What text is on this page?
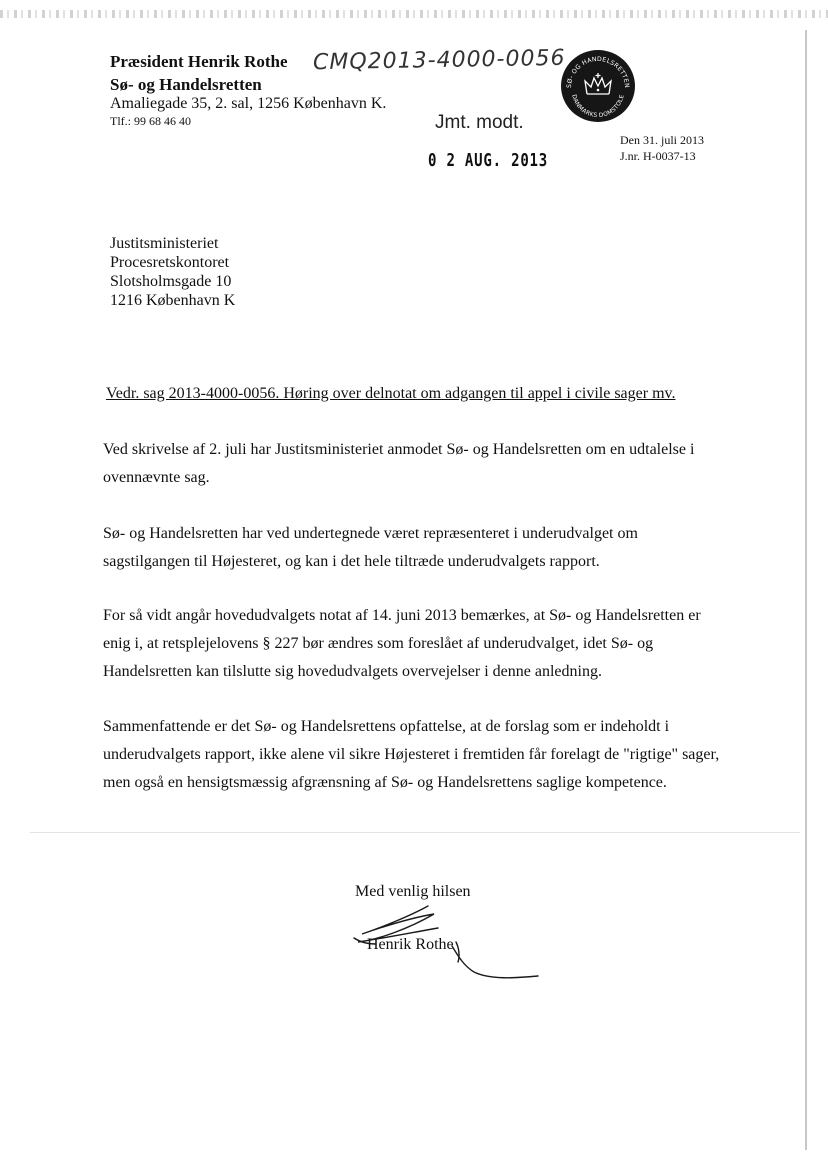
Præsident Henrik Rothe
Sø- og Handelsretten
Amaliegade 35, 2. sal, 1256 København K.
Tlf.: 99 68 46 40
CMQ2013-4000-0056
SØ- OG HANDELSRETTEN
DANMARKS DOMSTOLE
Jmt. modt.
0 2 AUG. 2013
Den 31. juli 2013
J.nr. H-0037-13
Justitsministeriet
Procesretskontoret
Slotsholmsgade 10
1216 København K
Vedr. sag 2013-4000-0056. Høring over delnotat om adgangen til appel i civile sager mv.
Ved skrivelse af 2. juli har Justitsministeriet anmodet Sø- og Handelsretten om en udtalelse i ovennævnte sag.
Sø- og Handelsretten har ved undertegnede været repræsenteret i underudvalget om sagstilgangen til Højesteret, og kan i det hele tiltræde underudvalgets rapport.
For så vidt angår hovedudvalgets notat af 14. juni 2013 bemærkes, at Sø- og Handelsretten er enig i, at retsplejelovens § 227 bør ændres som foreslået af underudvalget, idet Sø- og Handelsretten kan tilslutte sig hovedudvalgets overvejelser i denne anledning.
Sammenfattende er det Sø- og Handelsrettens opfattelse, at de forslag som er indeholdt i underudvalgets rapport, ikke alene vil sikre Højesteret i fremtiden får forelagt de "rigtige" sager, men også en hensigtsmæssig afgrænsning af Sø- og Handelsrettens saglige kompetence.
Med venlig hilsen
Henrik Rothe
